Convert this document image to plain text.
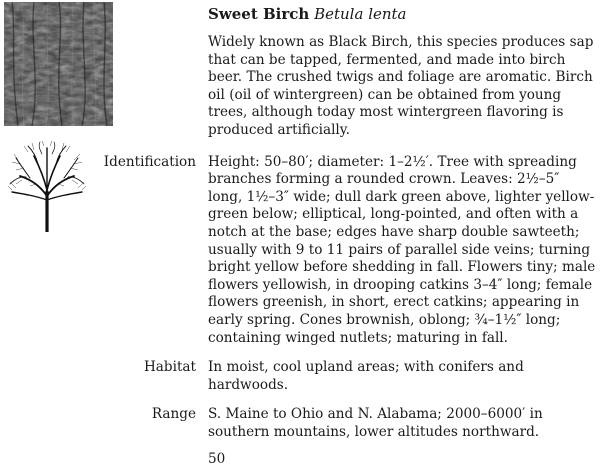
Sweet Birch Betula lenta
Widely known as Black Birch, this species produces sap that can be tapped, fermented, and made into birch beer. The crushed twigs and foliage are aromatic. Birch oil (oil of wintergreen) can be obtained from young trees, although today most wintergreen flavoring is produced artificially.
Identification Height: 50–80′; diameter: 1–2½′. Tree with spreading branches forming a rounded crown. Leaves: 2½–5″ long, 1½–3″ wide; dull dark green above, lighter yellow-green below; elliptical, long-pointed, and often with a notch at the base; edges have sharp double sawteeth; usually with 9 to 11 pairs of parallel side veins; turning bright yellow before shedding in fall. Flowers tiny; male flowers yellowish, in drooping catkins 3–4″ long; female flowers greenish, in short, erect catkins; appearing in early spring. Cones brownish, oblong; ¾–1½″ long; containing winged nutlets; maturing in fall.
Habitat In moist, cool upland areas; with conifers and hardwoods.
Range S. Maine to Ohio and N. Alabama; 2000–6000′ in southern mountains, lower altitudes northward.
50
